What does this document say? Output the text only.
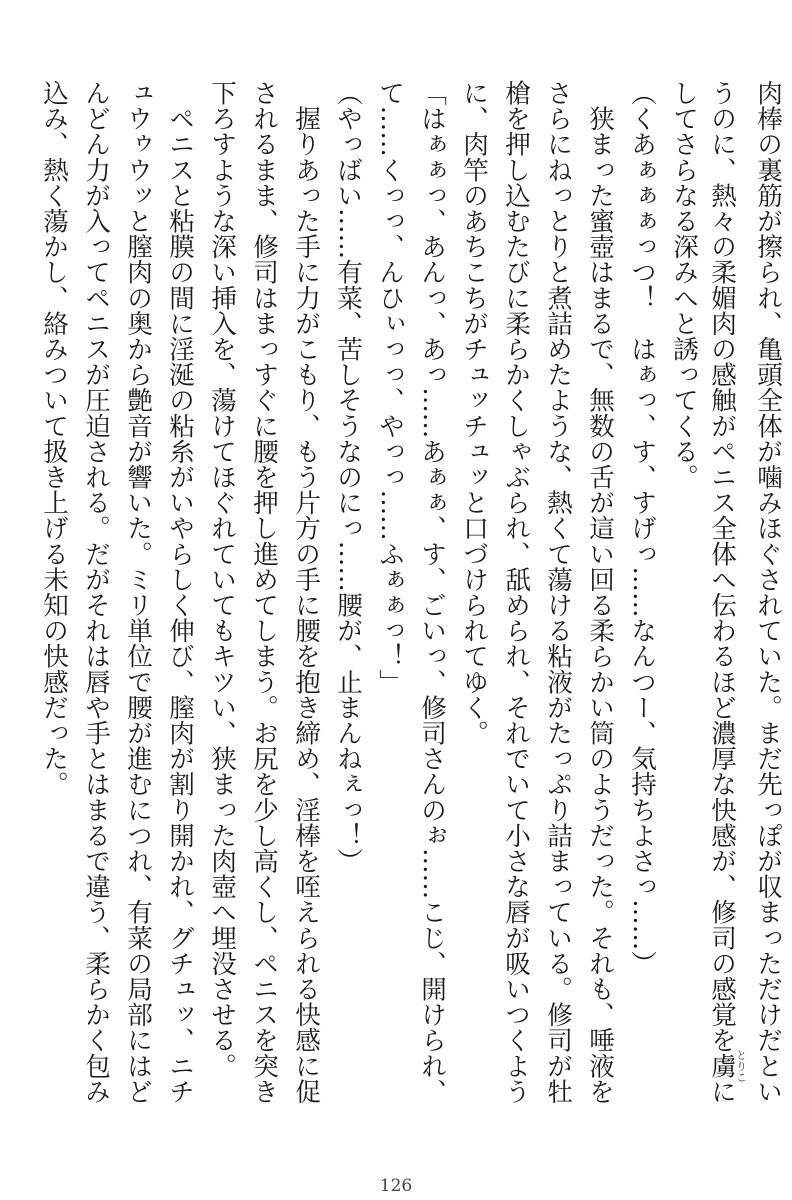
肉棒の裏筋が擦られ、亀頭全体が噛みほぐされていた。まだ先っぽが収まっただけだとい
うのに、熱々の柔媚肉の感触がペニス全体へ伝わるほど濃厚な快感が、修司の感覚を虜とりこに
してさらなる深みへと誘ってくる。
（くあぁぁぁっつ！　はぁっ、す、すげっ……なんつー、気持ちよさっ……）
　狭まった蜜壺はまるで、無数の舌が這い回る柔らかい筒のようだった。それも、唾液を
さらにねっとりと煮詰めたような、熱くて蕩ける粘液がたっぷり詰まっている。修司が牡
槍を押し込むたびに柔らかくしゃぶられ、舐められ、それでいて小さな唇が吸いつくよう
に、肉竿のあちこちがチュッチュッと口づけられてゆく。
「はぁぁっ、あんっ、あっ……あぁぁ、す、ごいっ、修司さんのぉ……こじ、開けられ、
て……くっっ、んひぃっっ、やっっ……ふぁぁっ！」
（やっばい……有菜、苦しそうなのにっ……腰が、止まんねぇっ！）
　握りあった手に力がこもり、もう片方の手に腰を抱き締め、淫棒を咥えられる快感に促
されるまま、修司はまっすぐに腰を押し進めてしまう。お尻を少し高くし、ペニスを突き
下ろすような深い挿入を、蕩けてほぐれていてもキツい、狭まった肉壺へ埋没させる。
　ペニスと粘膜の間に淫涎の粘糸がいやらしく伸び、膣肉が割り開かれ、グチュッ、ニチ
ュウゥウッと膣肉の奥から艶音が響いた。ミリ単位で腰が進むにつれ、有菜の局部にはど
んどん力が入ってペニスが圧迫される。だがそれは唇や手とはまるで違う、柔らかく包み
込み、熱く蕩かし、絡みついて扱き上げる未知の快感だった。
126
